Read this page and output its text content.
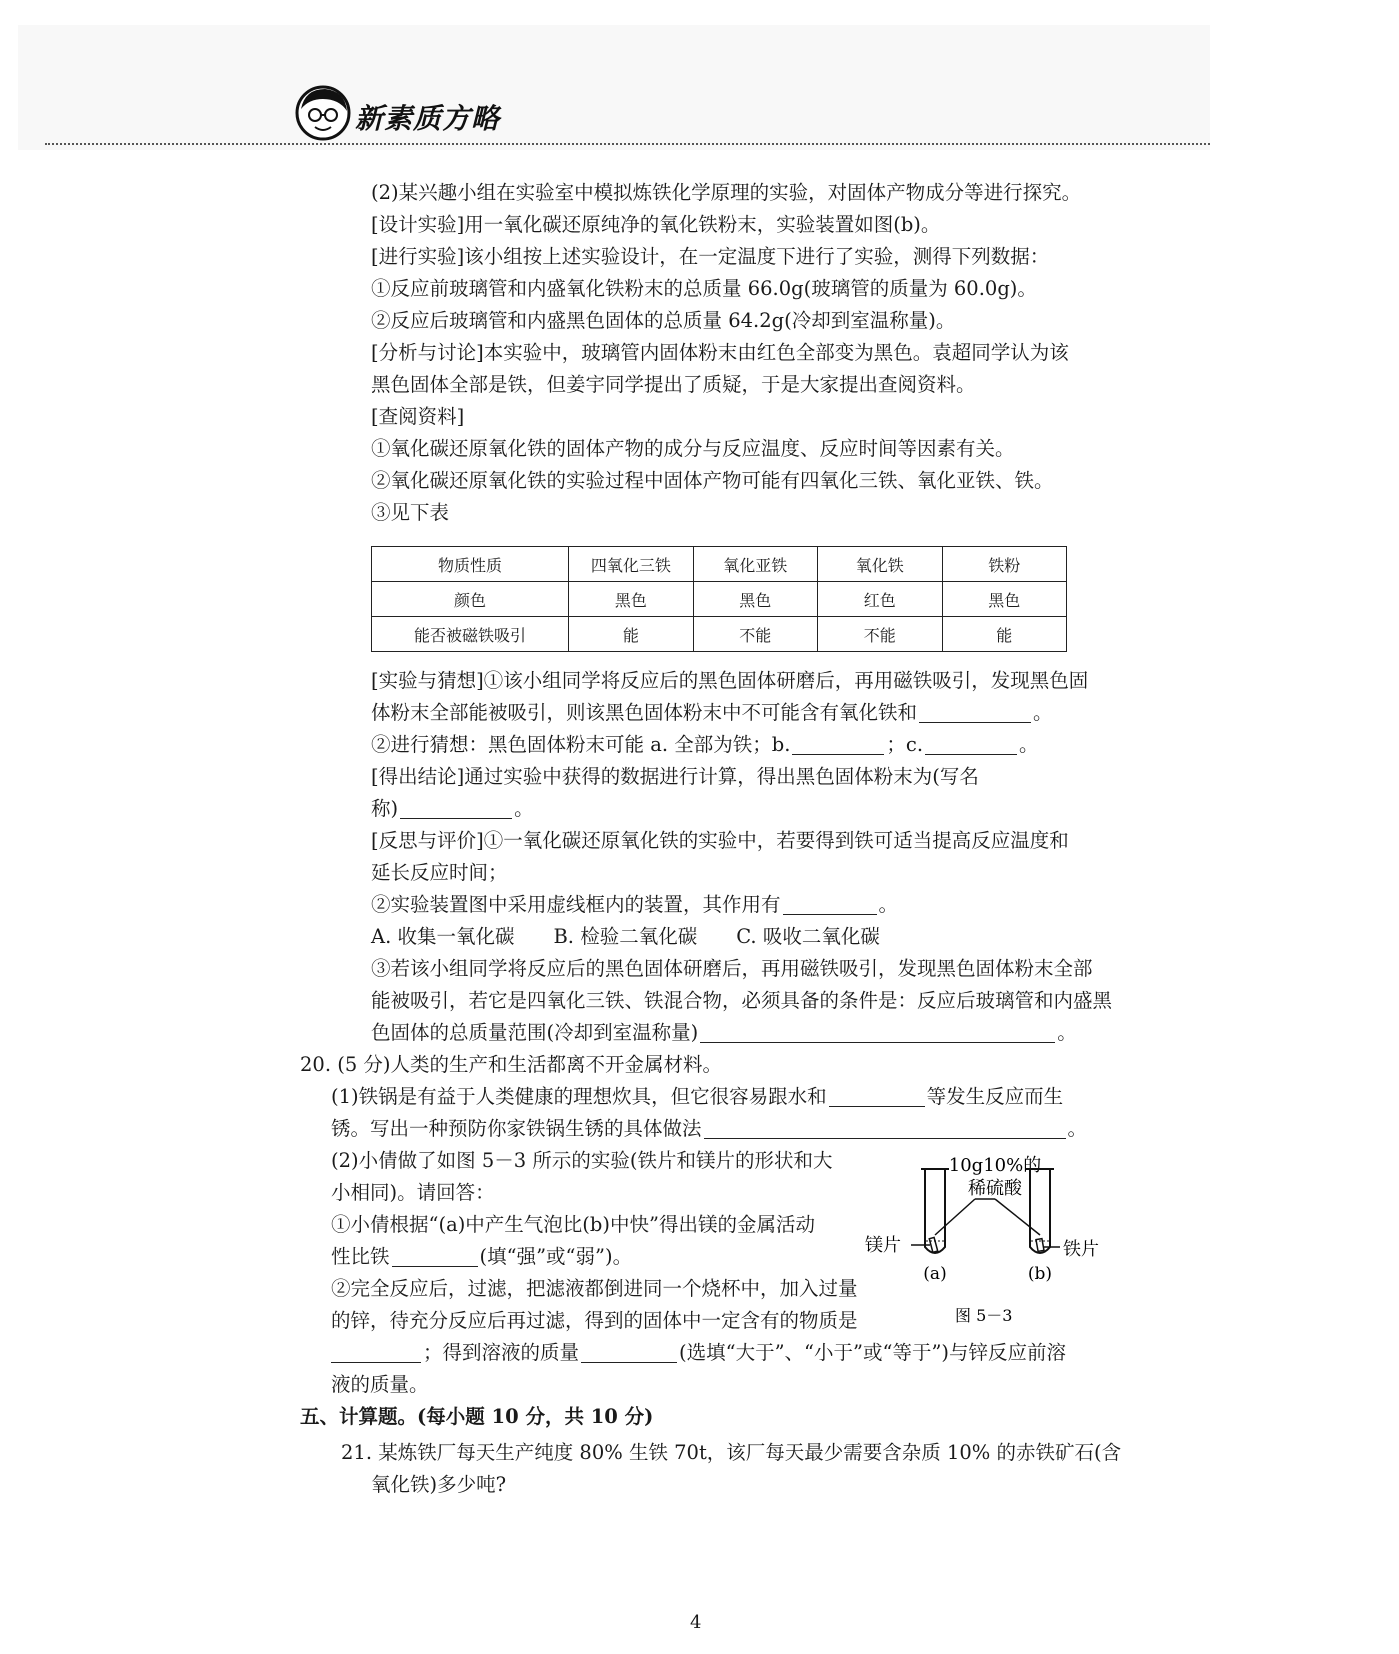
新素质方略
(2)某兴趣小组在实验室中模拟炼铁化学原理的实验，对固体产物成分等进行探究。
[设计实验]用一氧化碳还原纯净的氧化铁粉末，实验装置如图(b)。
[进行实验]该小组按上述实验设计，在一定温度下进行了实验，测得下列数据：
①反应前玻璃管和内盛氧化铁粉末的总质量 66.0g(玻璃管的质量为 60.0g)。
②反应后玻璃管和内盛黑色固体的总质量 64.2g(冷却到室温称量)。
[分析与讨论]本实验中，玻璃管内固体粉末由红色全部变为黑色。袁超同学认为该
黑色固体全部是铁，但姜宇同学提出了质疑，于是大家提出查阅资料。
[查阅资料]
①氧化碳还原氧化铁的固体产物的成分与反应温度、反应时间等因素有关。
②氧化碳还原氧化铁的实验过程中固体产物可能有四氧化三铁、氧化亚铁、铁。
③见下表
物质性质	四氧化三铁	氧化亚铁	氧化铁	铁粉
颜色	黑色	黑色	红色	黑色
能否被磁铁吸引	能	不能	不能	能
[实验与猜想]①该小组同学将反应后的黑色固体研磨后，再用磁铁吸引，发现黑色固
体粉末全部能被吸引，则该黑色固体粉末中不可能含有氧化铁和	。
②进行猜想：黑色固体粉末可能 a. 全部为铁；b.	；c.	。
[得出结论]通过实验中获得的数据进行计算，得出黑色固体粉末为(写名
称)	。
[反思与评价]①一氧化碳还原氧化铁的实验中，若要得到铁可适当提高反应温度和
延长反应时间；
②实验装置图中采用虚线框内的装置，其作用有	。
A. 收集一氧化碳　　B. 检验二氧化碳　　C. 吸收二氧化碳
③若该小组同学将反应后的黑色固体研磨后，再用磁铁吸引，发现黑色固体粉末全部
能被吸引，若它是四氧化三铁、铁混合物，必须具备的条件是：反应后玻璃管和内盛黑
色固体的总质量范围(冷却到室温称量)	。
20. (5 分)人类的生产和生活都离不开金属材料。
(1)铁锅是有益于人类健康的理想炊具，但它很容易跟水和	等发生反应而生
锈。写出一种预防你家铁锅生锈的具体做法	。
(2)小倩做了如图 5－3 所示的实验(铁片和镁片的形状和大
小相同)。请回答：
①小倩根据“(a)中产生气泡比(b)中快”得出镁的金属活动
性比铁	(填“强”或“弱”)。
②完全反应后，过滤，把滤液都倒进同一个烧杯中，加入过量
的锌，待充分反应后再过滤，得到的固体中一定含有的物质是
；得到溶液的质量	(选填“大于”、“小于”或“等于”)与锌反应前溶
液的质量。
10g10%的
稀硫酸
镁片	铁片
(a)	(b)
图 5－3
五、计算题。(每小题 10 分，共 10 分)
21. 某炼铁厂每天生产纯度 80% 生铁 70t，该厂每天最少需要含杂质 10% 的赤铁矿石(含
氧化铁)多少吨?
4
